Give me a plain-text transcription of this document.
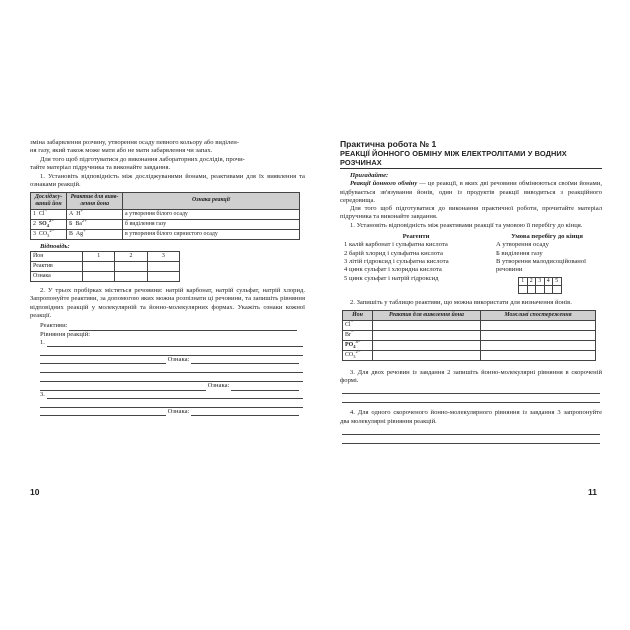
зміна забарвлення розчину, утворення осаду певного кольору або виділен-

ня газу, який також може мати або не мати забарвлення чи запах.

Для того щоб підготуватися до виконання лабораторних дослідів, прочи-

тайте матеріал підручника та виконайте завдання.

1. Установіть відповідність між досліджуваними йонами, реактивами для їх виявлення та ознаками реакцій.

Досліджу-ваний йон	Реактив для вияв-лення йона	Ознака реакції
1 Cl−	А H+	а утворення білого осаду
2 $SO_4^{2-}$	Б $Ba^{2+}$	б виділення газу
3 $CO_3^{2-}$	В Ag+	в утворення білого сирнистого осаду

Відповідь:

Йон	1	2	3
Реактив			
Ознака			

2. У трьох пробірках містяться речовини: натрій карбонат, натрій сульфат, натрій хлорид. Запропонуйте реактиви, за допомогою яких можна розпізнати ці речовини, та запишіть рівняння відповідних реакцій у молекулярній та йонно-молекулярних формах. Укажіть ознаки кожної реакції.

Реактиви:

Рівняння реакцій:

1.

Ознака:

Ознака:

3.

Ознака:

10

Практична робота № 1

РЕАКЦІЇ ЙОННОГО ОБМІНУ МІЖ ЕЛЕКТРОЛІТАМИ У ВОДНИХ РОЗЧИНАХ

Пригадайте:

Реакції йонного обміну — це реакції, в яких дві речовини обмінюються своїми йонами, відбувається зв'язування йонів, один із продуктів реакції виводиться з реакційного середовища.

Для того щоб підготуватися до виконання практичної роботи, прочитайте матеріал підручника та виконайте завдання.

1. Установіть відповідність між реактивами реакції та умовою її перебігу до кінця.

Реагенти

1 калій карбонат і сульфатна кислота

2 барій хлорид і сульфатна кислота

3 літій гідроксид і сульфатна кислота

4 цинк сульфат і хлоридна кислота

5 цинк сульфат і натрій гідроксид

Умова перебігу до кінця

А утворення осаду

Б виділення газу

В утворення малодисоційованої речовини

1	2	3	4	5

2. Запишіть у таблицю реактиви, що можна використати для визначення йонів.

Йон	Реактив для виявлення йона	Можливі спостереження
Cl−		
Br−		
$PO_4^{3-}$		
$CO_3^{2-}$		

3. Для двох речовин із завдання 2 запишіть йонно-молекулярні рівняння в скороченій формі.

4. Для одного скороченого йонно-молекулярного рівняння із завдання 3 запропонуйте два молекулярні рівняння реакцій.

11
